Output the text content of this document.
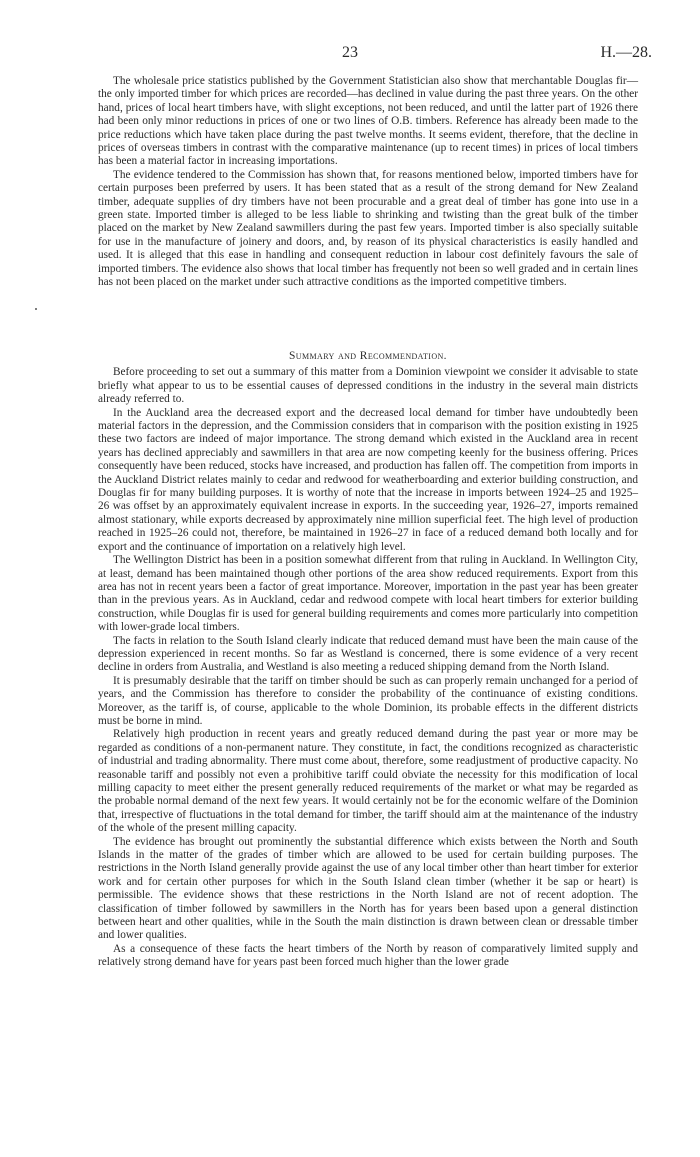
23	H.—28.

The wholesale price statistics published by the Government Statistician also show that merchantable Douglas fir—the only imported timber for which prices are recorded—has declined in value during the past three years. On the other hand, prices of local heart timbers have, with slight exceptions, not been reduced, and until the latter part of 1926 there had been only minor reductions in prices of one or two lines of O.B. timbers. Reference has already been made to the price reductions which have taken place during the past twelve months. It seems evident, therefore, that the decline in prices of overseas timbers in contrast with the comparative maintenance (up to recent times) in prices of local timbers has been a material factor in increasing importations.

The evidence tendered to the Commission has shown that, for reasons mentioned below, imported timbers have for certain purposes been preferred by users. It has been stated that as a result of the strong demand for New Zealand timber, adequate supplies of dry timbers have not been procurable and a great deal of timber has gone into use in a green state. Imported timber is alleged to be less liable to shrinking and twisting than the great bulk of the timber placed on the market by New Zealand sawmillers during the past few years. Imported timber is also specially suitable for use in the manufacture of joinery and doors, and, by reason of its physical characteristics is easily handled and used. It is alleged that this ease in handling and consequent reduction in labour cost definitely favours the sale of imported timbers. The evidence also shows that local timber has frequently not been so well graded and in certain lines has not been placed on the market under such attractive conditions as the imported competitive timbers.

Summary and Recommendation.

Before proceeding to set out a summary of this matter from a Dominion viewpoint we consider it advisable to state briefly what appear to us to be essential causes of depressed conditions in the industry in the several main districts already referred to.

In the Auckland area the decreased export and the decreased local demand for timber have undoubtedly been material factors in the depression, and the Commission considers that in comparison with the position existing in 1925 these two factors are indeed of major importance. The strong demand which existed in the Auckland area in recent years has declined appreciably and sawmillers in that area are now competing keenly for the business offering. Prices consequently have been reduced, stocks have increased, and production has fallen off. The competition from imports in the Auckland District relates mainly to cedar and redwood for weatherboarding and exterior building construction, and Douglas fir for many building purposes. It is worthy of note that the increase in imports between 1924–25 and 1925–26 was offset by an approximately equivalent increase in exports. In the succeeding year, 1926–27, imports remained almost stationary, while exports decreased by approximately nine million superficial feet. The high level of production reached in 1925–26 could not, therefore, be maintained in 1926–27 in face of a reduced demand both locally and for export and the continuance of importation on a relatively high level.

The Wellington District has been in a position somewhat different from that ruling in Auckland. In Wellington City, at least, demand has been maintained though other portions of the area show reduced requirements. Export from this area has not in recent years been a factor of great importance. Moreover, importation in the past year has been greater than in the previous years. As in Auckland, cedar and redwood compete with local heart timbers for exterior building construction, while Douglas fir is used for general building requirements and comes more particularly into competition with lower-grade local timbers.

The facts in relation to the South Island clearly indicate that reduced demand must have been the main cause of the depression experienced in recent months. So far as Westland is concerned, there is some evidence of a very recent decline in orders from Australia, and Westland is also meeting a reduced shipping demand from the North Island.

It is presumably desirable that the tariff on timber should be such as can properly remain unchanged for a period of years, and the Commission has therefore to consider the probability of the continuance of existing conditions. Moreover, as the tariff is, of course, applicable to the whole Dominion, its probable effects in the different districts must be borne in mind.

Relatively high production in recent years and greatly reduced demand during the past year or more may be regarded as conditions of a non-permanent nature. They constitute, in fact, the conditions recognized as characteristic of industrial and trading abnormality. There must come about, therefore, some readjustment of productive capacity. No reasonable tariff and possibly not even a prohibitive tariff could obviate the necessity for this modification of local milling capacity to meet either the present generally reduced requirements of the market or what may be regarded as the probable normal demand of the next few years. It would certainly not be for the economic welfare of the Dominion that, irrespective of fluctuations in the total demand for timber, the tariff should aim at the maintenance of the industry of the whole of the present milling capacity.

The evidence has brought out prominently the substantial difference which exists between the North and South Islands in the matter of the grades of timber which are allowed to be used for certain building purposes. The restrictions in the North Island generally provide against the use of any local timber other than heart timber for exterior work and for certain other purposes for which in the South Island clean timber (whether it be sap or heart) is permissible. The evidence shows that these restrictions in the North Island are not of recent adoption. The classification of timber followed by sawmillers in the North has for years been based upon a general distinction between heart and other qualities, while in the South the main distinction is drawn between clean or dressable timber and lower qualities.

As a consequence of these facts the heart timbers of the North by reason of comparatively limited supply and relatively strong demand have for years past been forced much higher than the lower grade
